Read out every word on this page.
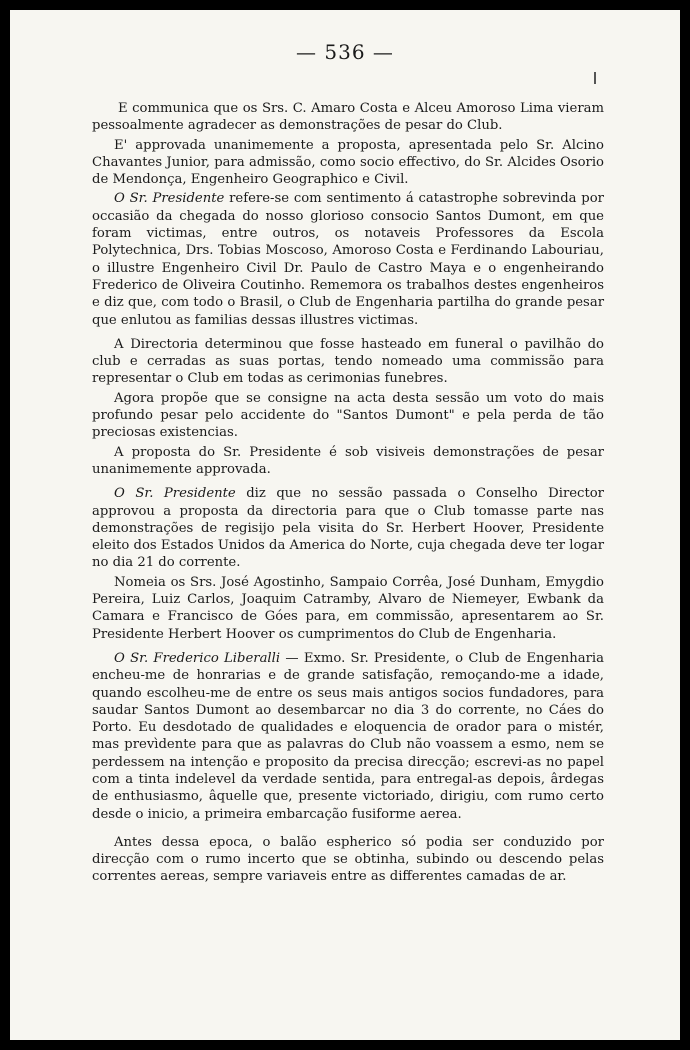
— 536 —

E communica que os Srs. C. Amaro Costa e Alceu Amoroso Lima vieram pessoalmente agradecer as demonstrações de pesar do Club.

E' approvada unanimemente a proposta, apresentada pelo Sr. Alcino Chavantes Junior, para admissão, como socio effectivo, do Sr. Alcides Osorio de Mendonça, Engenheiro Geographico e Civil.

O Sr. Presidente refere-se com sentimento á catastrophe sobrevinda por occasião da chegada do nosso glorioso consocio Santos Dumont, em que foram victimas, entre outros, os notaveis Professores da Escola Polytechnica, Drs. Tobias Moscoso, Amoroso Costa e Ferdinando Labouriau, o illustre Engenheiro Civil Dr. Paulo de Castro Maya e o engenheirando Frederico de Oliveira Coutinho. Rememora os trabalhos destes engenheiros e diz que, com todo o Brasil, o Club de Engenharia partilha do grande pesar que enlutou as familias dessas illustres victimas.

A Directoria determinou que fosse hasteado em funeral o pavilhão do club e cerradas as suas portas, tendo nomeado uma commissão para representar o Club em todas as cerimonias funebres.

Agora propõe que se consigne na acta desta sessão um voto do mais profundo pesar pelo accidente do "Santos Dumont" e pela perda de tão preciosas existencias.

A proposta do Sr. Presidente é sob visiveis demonstrações de pesar unanimemente approvada.

O Sr. Presidente diz que no sessão passada o Conselho Director approvou a proposta da directoria para que o Club tomasse parte nas demonstrações de regisijo pela visita do Sr. Herbert Hoover, Presidente eleito dos Estados Unidos da America do Norte, cuja chegada deve ter logar no dia 21 do corrente.

Nomeia os Srs. José Agostinho, Sampaio Corrêa, José Dunham, Emygdio Pereira, Luiz Carlos, Joaquim Catramby, Alvaro de Niemeyer, Ewbank da Camara e Francisco de Góes para, em commissão, apresentarem ao Sr. Presidente Herbert Hoover os cumprimentos do Club de Engenharia.

O Sr. Frederico Liberalli — Exmo. Sr. Presidente, o Club de Engenharia encheu-me de honrarias e de grande satisfação, remoçando-me a idade, quando escolheu-me de entre os seus mais antigos socios fundadores, para saudar Santos Dumont ao desembarcar no dia 3 do corrente, no Cáes do Porto. Eu desdotado de qualidades e eloquencia de orador para o mistér, mas prevìdente para que as palavras do Club não voassem a esmo, nem se perdessem na intenção e proposito da precisa direcção; escrevi-as no papel com a tinta indelevel da verdade sentida, para entregal-as depois, ârdegas de enthusiasmo, âquelle que, presente victoriado, dirigiu, com rumo certo desde o inicio, a primeira embarcação fusiforme aerea.

Antes dessa epoca, o balão espherico só podia ser conduzido por direcção com o rumo incerto que se obtinha, subindo ou descendo pelas correntes aereas, sempre variaveis entre as differentes camadas de ar.
